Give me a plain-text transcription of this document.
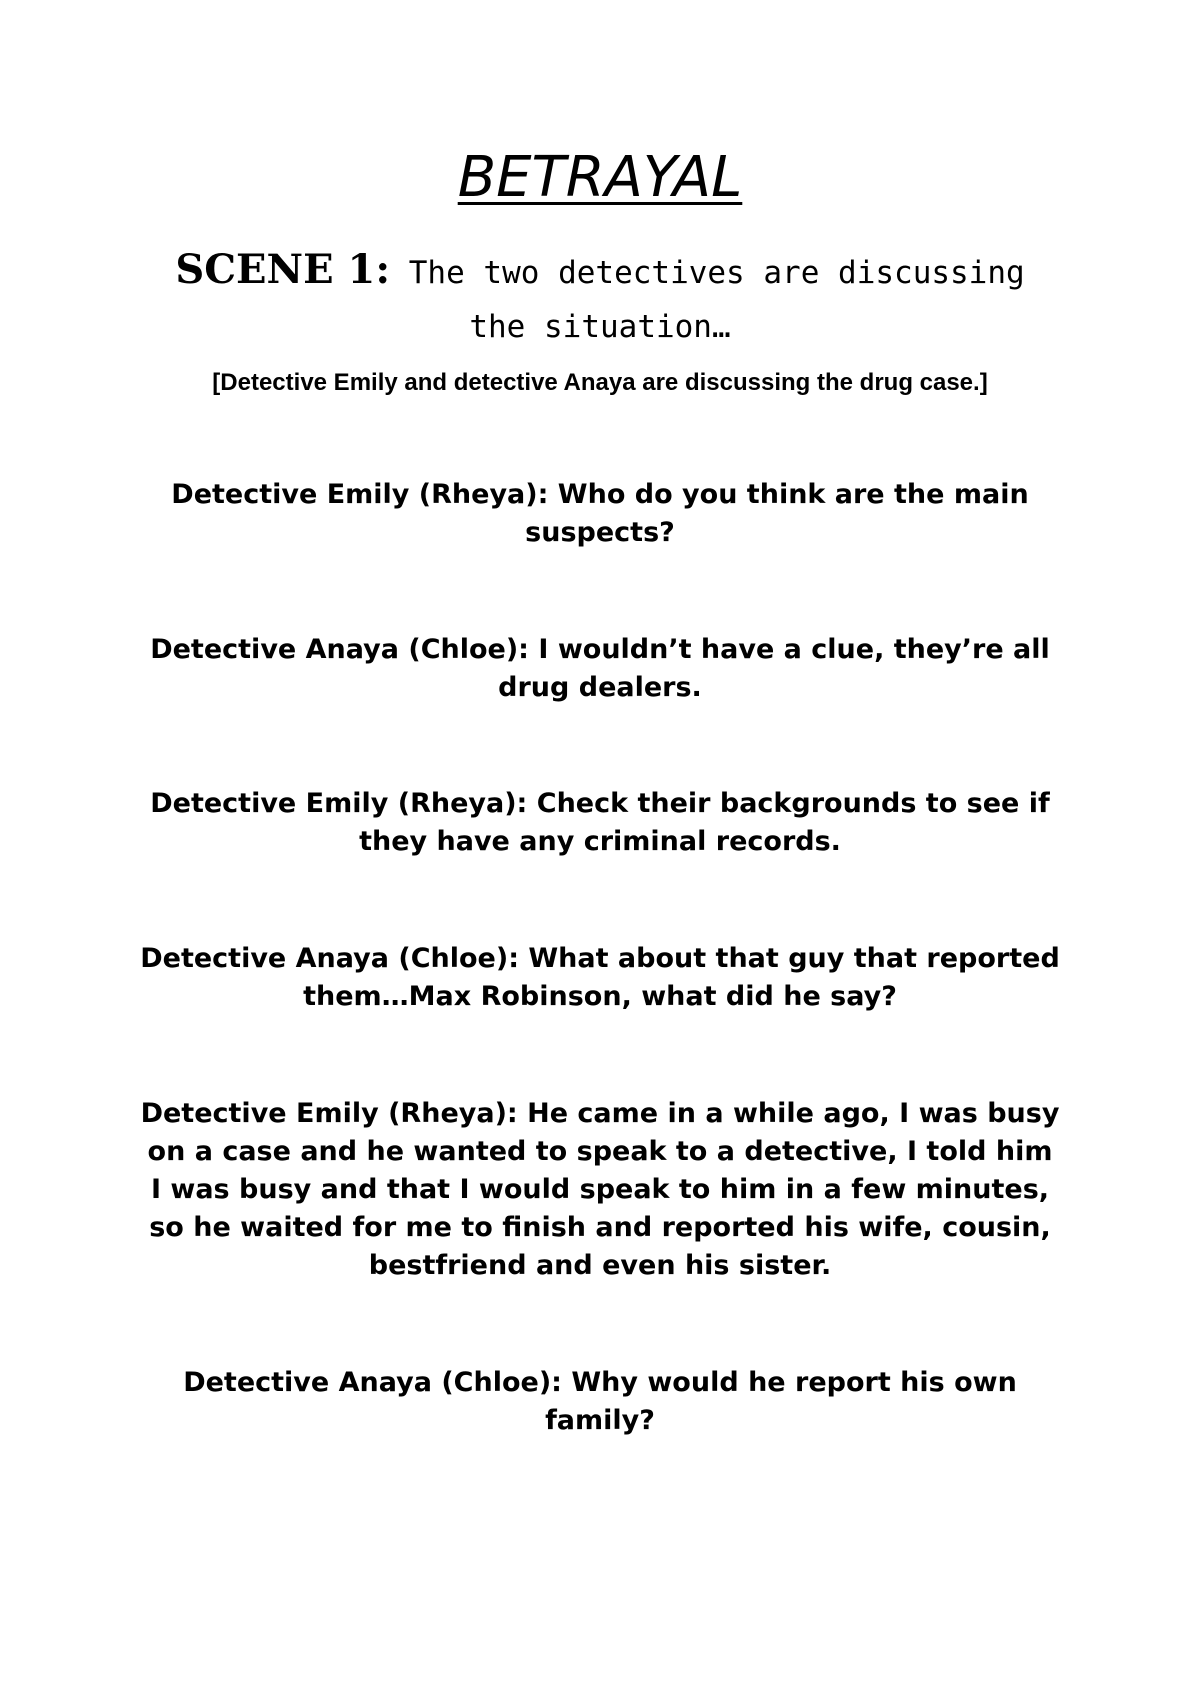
BETRAYAL

SCENE 1: The two detectives are discussing the situation…

[Detective Emily and detective Anaya are discussing the drug case.]

Detective Emily (Rheya): Who do you think are the main suspects?

Detective Anaya (Chloe): I wouldn’t have a clue, they’re all drug dealers.

Detective Emily (Rheya): Check their backgrounds to see if they have any criminal records.

Detective Anaya (Chloe): What about that guy that reported them…Max Robinson, what did he say?

Detective Emily (Rheya): He came in a while ago, I was busy on a case and he wanted to speak to a detective, I told him I was busy and that I would speak to him in a few minutes, so he waited for me to finish and reported his wife, cousin, bestfriend and even his sister.

Detective Anaya (Chloe): Why would he report his own family?
